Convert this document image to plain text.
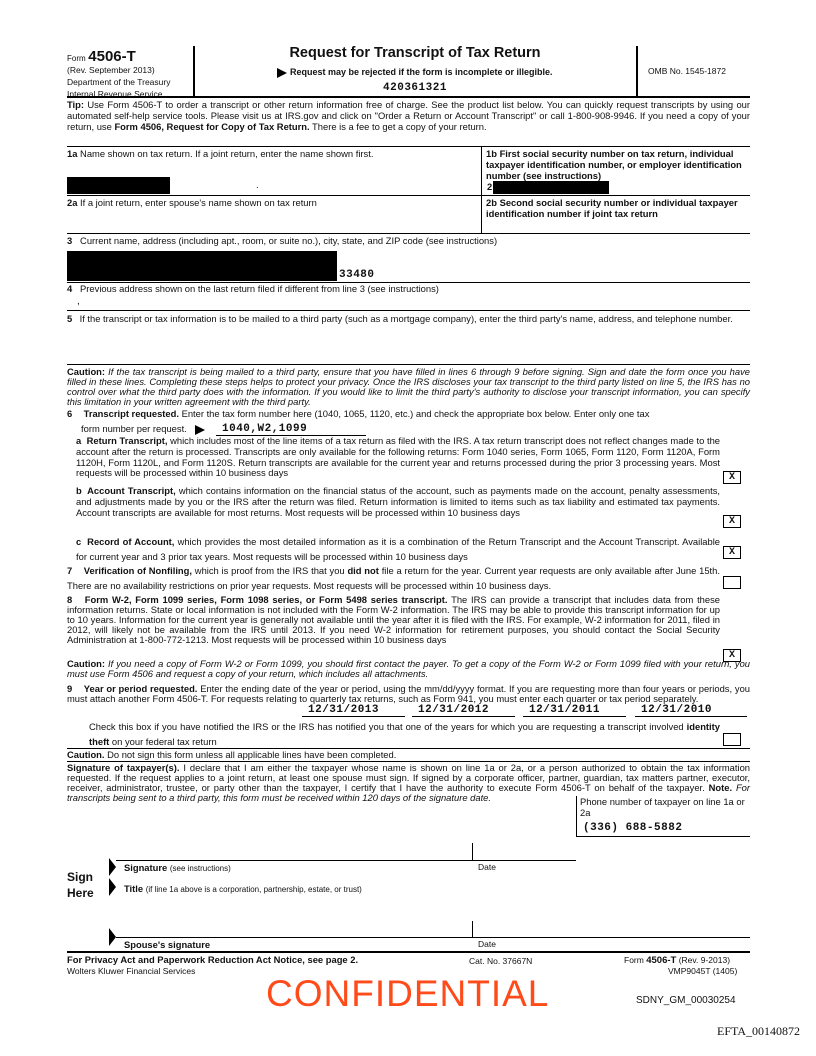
Form 4506-T
(Rev. September 2013)
Department of the Treasury
Internal Revenue Service
Request for Transcript of Tax Return
Request may be rejected if the form is incomplete or illegible.
420361321
OMB No. 1545-1872
Tip: Use Form 4506-T to order a transcript or other return information free of charge. See the product list below. You can quickly request transcripts by using our automated self-help service tools. Please visit us at IRS.gov and click on "Order a Return or Account Transcript" or call 1-800-908-9946. If you need a copy of your return, use Form 4506, Request for Copy of Tax Return. There is a fee to get a copy of your return.
1a Name shown on tax return. If a joint return, enter the name shown first.
.
1b First social security number on tax return, individual taxpayer identification number, or employer identification number (see instructions)
2
2a If a joint return, enter spouse's name shown on tax return	2b Second social security number or individual taxpayer identification number if joint tax return
3 Current name, address (including apt., room, or suite no.), city, state, and ZIP code (see instructions)
33480
4 Previous address shown on the last return filed if different from line 3 (see instructions)
,
5 If the transcript or tax information is to be mailed to a third party (such as a mortgage company), enter the third party's name, address, and telephone number.
Caution: If the tax transcript is being mailed to a third party, ensure that you have filled in lines 6 through 9 before signing. Sign and date the form once you have filled in these lines. Completing these steps helps to protect your privacy. Once the IRS discloses your tax transcript to the third party listed on line 5, the IRS has no control over what the third party does with the information. If you would like to limit the third party's authority to disclose your transcript information, you can specify this limitation in your written agreement with the third party.
6 Transcript requested. Enter the tax form number here (1040, 1065, 1120, etc.) and check the appropriate box below. Enter only one tax
form number per request.	1040,W2,1099
a Return Transcript, which includes most of the line items of a tax return as filed with the IRS. A tax return transcript does not reflect changes made to the account after the return is processed. Transcripts are only available for the following returns: Form 1040 series, Form 1065, Form 1120, Form 1120A, Form 1120H, Form 1120L, and Form 1120S. Return transcripts are available for the current year and returns processed during the prior 3 processing years. Most requests will be processed within 10 business days	X
b Account Transcript, which contains information on the financial status of the account, such as payments made on the account, penalty assessments, and adjustments made by you or the IRS after the return was filed. Return information is limited to items such as tax liability and estimated tax payments. Account transcripts are available for most returns. Most requests will be processed within 10 business days
X
c Record of Account, which provides the most detailed information as it is a combination of the Return Transcript and the Account Transcript. Available for current year and 3 prior tax years. Most requests will be processed within 10 business days	X
7 Verification of Nonfiling, which is proof from the IRS that you did not file a return for the year. Current year requests are only available after June 15th. There are no availability restrictions on prior year requests. Most requests will be processed within 10 business days.
8 Form W-2, Form 1099 series, Form 1098 series, or Form 5498 series transcript. The IRS can provide a transcript that includes data from these information returns. State or local information is not included with the Form W-2 information. The IRS may be able to provide this transcript information for up to 10 years. Information for the current year is generally not available until the year after it is filed with the IRS. For example, W-2 information for 2011, filed in 2012, will likely not be available from the IRS until 2013. If you need W-2 information for retirement purposes, you should contact the Social Security Administration at 1-800-772-1213. Most requests will be processed within 10 business days
X
Caution: If you need a copy of Form W-2 or Form 1099, you should first contact the payer. To get a copy of the Form W-2 or Form 1099 filed with your return, you must use Form 4506 and request a copy of your return, which includes all attachments.
9 Year or period requested. Enter the ending date of the year or period, using the mm/dd/yyyy format. If you are requesting more than four years or periods, you must attach another Form 4506-T. For requests relating to quarterly tax returns, such as Form 941, you must enter each quarter or tax period separately.
12/31/2013	12/31/2012	12/31/2011	12/31/2010
Check this box if you have notified the IRS or the IRS has notified you that one of the years for which you are requesting a transcript involved identity theft on your federal tax return
Caution. Do not sign this form unless all applicable lines have been completed.
Signature of taxpayer(s). I declare that I am either the taxpayer whose name is shown on line 1a or 2a, or a person authorized to obtain the tax information requested. If the request applies to a joint return, at least one spouse must sign. If signed by a corporate officer, partner, guardian, tax matters partner, executor, receiver, administrator, trustee, or party other than the taxpayer, I certify that I have the authority to execute Form 4506-T on behalf of the taxpayer. Note. For transcripts being sent to a third party, this form must be received within 120 days of the signature date.	Phone number of taxpayer on line 1a or 2a
(336) 688-5882
Sign
Here
Signature (see instructions)	Date
Title (if line 1a above is a corporation, partnership, estate, or trust)
Spouse's signature	Date
For Privacy Act and Paperwork Reduction Act Notice, see page 2.
Wolters Kluwer Financial Services
Cat. No. 37667N	Form 4506-T (Rev. 9-2013)
VMP9045T (1405)
CONFIDENTIAL	SDNY_GM_00030254
EFTA_00140872
